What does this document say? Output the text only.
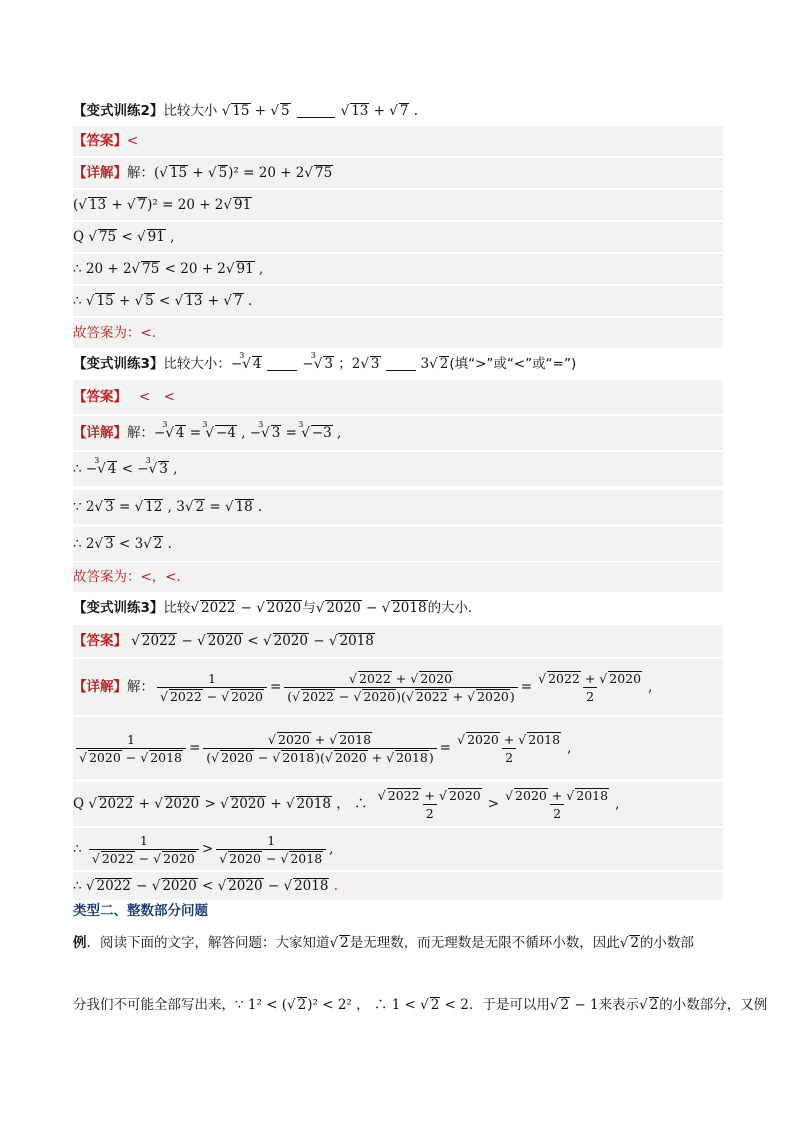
【变式训练2】 比较大小 √ 15 + √ 5	√ 13 + √ 7 .
【答案】 <
【详解】 解： (√ 15 + √ 5)² = 20 + 2√ 75
(√ 13 + √ 7)² = 20 + 2√ 91
Q √ 75 < √ 91 ,
∴ 20 + 2√ 75 < 20 + 2√ 91 ,
∴ √ 15 + √ 5 < √ 13 + √ 7 .
故答案为：<．
【变式训练3】 比较大小： −
3
√ 4	−
3
√ 3 ；2√ 3	3√ 2 (填“>”或“<”或“=”)
【答案】 <　<
【详解】 解： −
3
√ 4 =
3
√ −4 , −
3
√ 3 =
3
√ −3 ,
∴ −
3
√ 4 < −
3
√ 3 ,
∵ 2√ 3 = √ 12 , 3√ 2 = √ 18 .
∴ 2√ 3 < 3√ 2 .
故答案为：<，<．
【变式训练3】 比较 √ 2022 − √ 2020 与 √ 2020 − √ 2018 的大小．
【答案】 √ 2022 − √ 2020 < √ 2020 − √ 2018
【详解】 解： $\frac{1}{√ 2022 - √ 2020} = \frac{√ 2022 + √ 2020}{(√ 2022 - √ 2020)(√ 2022 + √ 2020)} = \frac{√ 2022 + √ 2020}{2}$ ,
$\frac{1}{√ 2020 - √ 2018} = \frac{√ 2020 + √ 2018}{(√ 2020 - √ 2018)(√ 2020 + √ 2018)} = \frac{√ 2020 + √ 2018}{2}$ ,
Q √ 2022 + √ 2020 > √ 2020 + √ 2018 ， ∴ $\frac{√ 2022 + √ 2020}{2} > \frac{√ 2020 + √ 2018}{2}$ ,
∴ $\frac{1}{√ 2022 - √ 2020} > \frac{1}{√ 2020 - √ 2018}$ ,
∴ √ 2022 − √ 2020 < √ 2020 − √ 2018 .
类型二、整数部分问题
例 ．阅读下面的文字，解答问题：大家知道 √ 2 是无理数，而无理数是无限不循环小数，因此 √ 2 的小数部
分我们不可能全部写出来， ∵ 1² < (√ 2)² < 2² ， ∴ 1 < √ 2 < 2 ．于是可以用 √ 2 − 1 来表示 √ 2 的小数部分，又例
